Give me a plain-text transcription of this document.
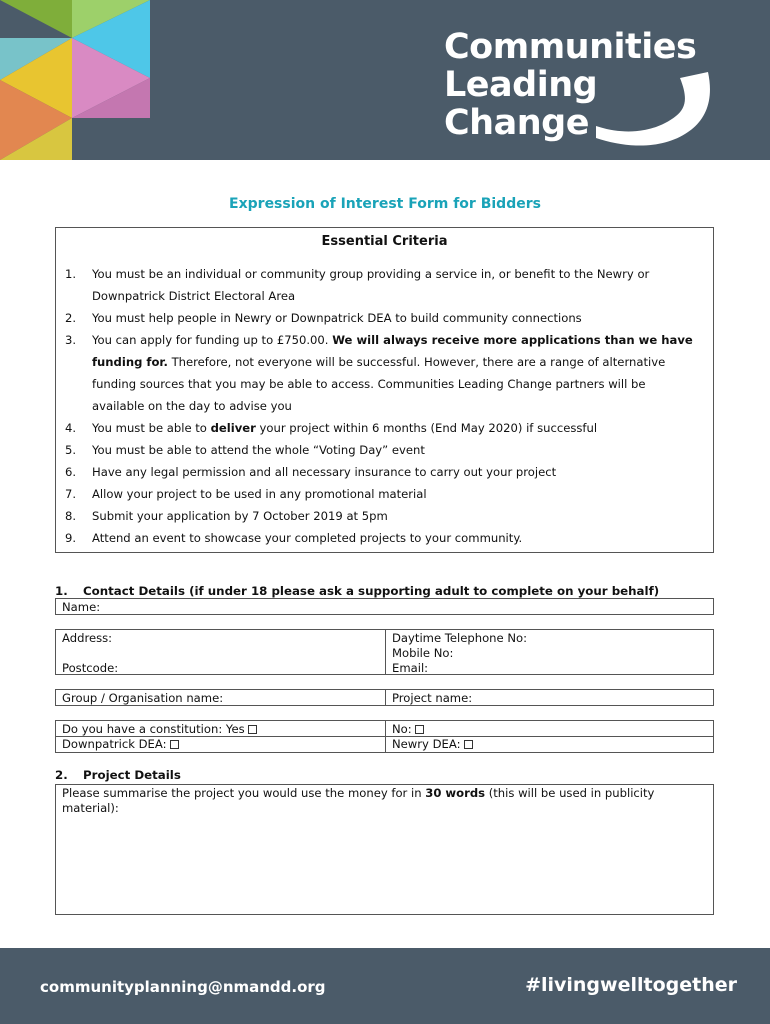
Communities
Leading
Change
Expression of Interest Form for Bidders
Essential Criteria
1. You must be an individual or community group providing a service in, or benefit to the Newry or Downpatrick District Electoral Area
2. You must help people in Newry or Downpatrick DEA to build community connections
3. You can apply for funding up to £750.00. We will always receive more applications than we have funding for. Therefore, not everyone will be successful. However, there are a range of alternative funding sources that you may be able to access. Communities Leading Change partners will be available on the day to advise you
4. You must be able to deliver your project within 6 months (End May 2020) if successful
5. You must be able to attend the whole “Voting Day” event
6. Have any legal permission and all necessary insurance to carry out your project
7. Allow your project to be used in any promotional material
8. Submit your application by 7 October 2019 at 5pm
9. Attend an event to showcase your completed projects to your community.
1. Contact Details (if under 18 please ask a supporting adult to complete on your behalf)
Name:
Address:
Postcode:
Daytime Telephone No:
Mobile No:
Email:
Group / Organisation name:	Project name:
Do you have a constitution: Yes
Downpatrick DEA:
No:
Newry DEA:
2. Project Details
Please summarise the project you would use the money for in 30 words (this will be used in publicity material):
communityplanning@nmandd.org	#livingwelltogether
